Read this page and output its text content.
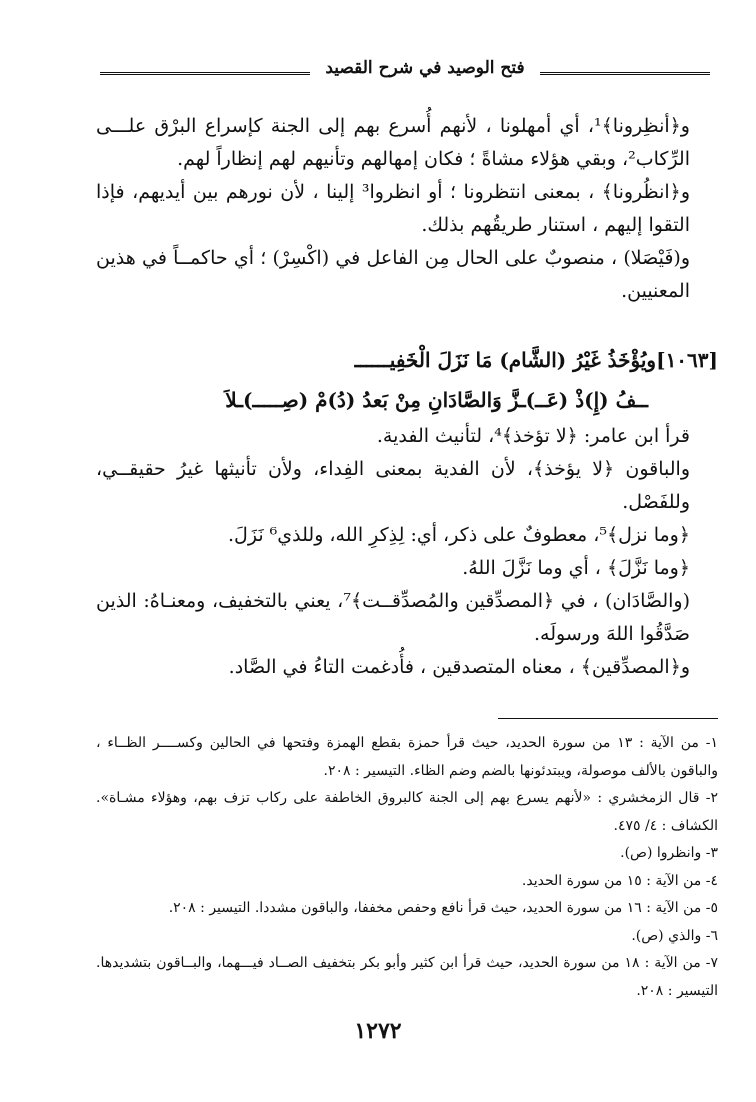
فتح الوصيد في شرح القصيد

و﴿أنظِرونا﴾¹، أي أمهلونا ، لأنهم أُسرع بهم إلى الجنة كإسراع البرْق علـــى الرِّكاب²، وبقي هؤلاء مشاةً ؛ فكان إمهالهم وتأنيهم لهم إنظاراً لهم.

و﴿انظُرونا﴾ ، بمعنى انتظرونا ؛ أو انظروا³ إلينا ، لأن نورهم بين أيديهم، فإذا التقوا إليهم ، استنار طريقُهم بذلك.

و(فَيْصَلا) ، منصوبٌ على الحال مِن الفاعل في (اكْسِرْ) ؛ أي حاكمــاً في هذين المعنيين.

[١٠٦٣]ويُؤْخَذُ غَيْرُ (الشَّام) مَا نَزَلَ الْخَفِيــــــ

ــفُ (إِ)ذْ (عَــ)ـزَّ وَالصَّادَانِ مِنْ بَعدُ (دُ)مْ (صِـــــ)ـلاَ

قرأ ابن عامر: ﴿لا تؤخذ﴾⁴، لتأنيث الفدية.

والباقون ﴿لا يؤخذ﴾، لأن الفدية بمعنى الفِداء، ولأن تأنيثها غيرُ حقيقــي، وللفَصْل.

﴿وما نزل﴾⁵، معطوفٌ على ذكر، أي: لِذِكرِ الله، وللذي⁶ نَزَلَ.

﴿وما نَزَّلَ﴾ ، أي وما نَزَّلَ اللهُ.

(والصَّادَان) ، في ﴿المصدِّقين والمُصدِّقــت﴾⁷، يعني بالتخفيف، ومعنـاهُ: الذين صَدَّقُوا اللهَ ورسولَه.

و﴿المصدِّقين﴾ ، معناه المتصدقين ، فأُدغمت التاءُ في الصَّاد.

١- من الآية : ١٣ من سورة الحديد، حيث قرأ حمزة بقطع الهمزة وفتحها في الحالين وكســــر الظــاء ، والباقون بالألف موصولة، ويبتدئونها بالضم وضم الظاء. التيسير : ٢٠٨.

٢- قال الزمخشري : «لأنهم يسرع بهم إلى الجنة كالبروق الخاطفة على ركاب تزف بهم، وهؤلاء مشـاة». الكشاف : ٤/ ٤٧٥.

٣- وانظروا (ص).

٤- من الآية : ١٥ من سورة الحديد.

٥- من الآية : ١٦ من سورة الحديد، حيث قرأ نافع وحفص مخففا، والباقون مشددا. التيسير : ٢٠٨.

٦- والذي (ص).

٧- من الآية : ١٨ من سورة الحديد، حيث قرأ ابن كثير وأبو بكر بتخفيف الصــاد فيـــهما، والبــاقون بتشديدها. التيسير : ٢٠٨.

١٢٧٢
